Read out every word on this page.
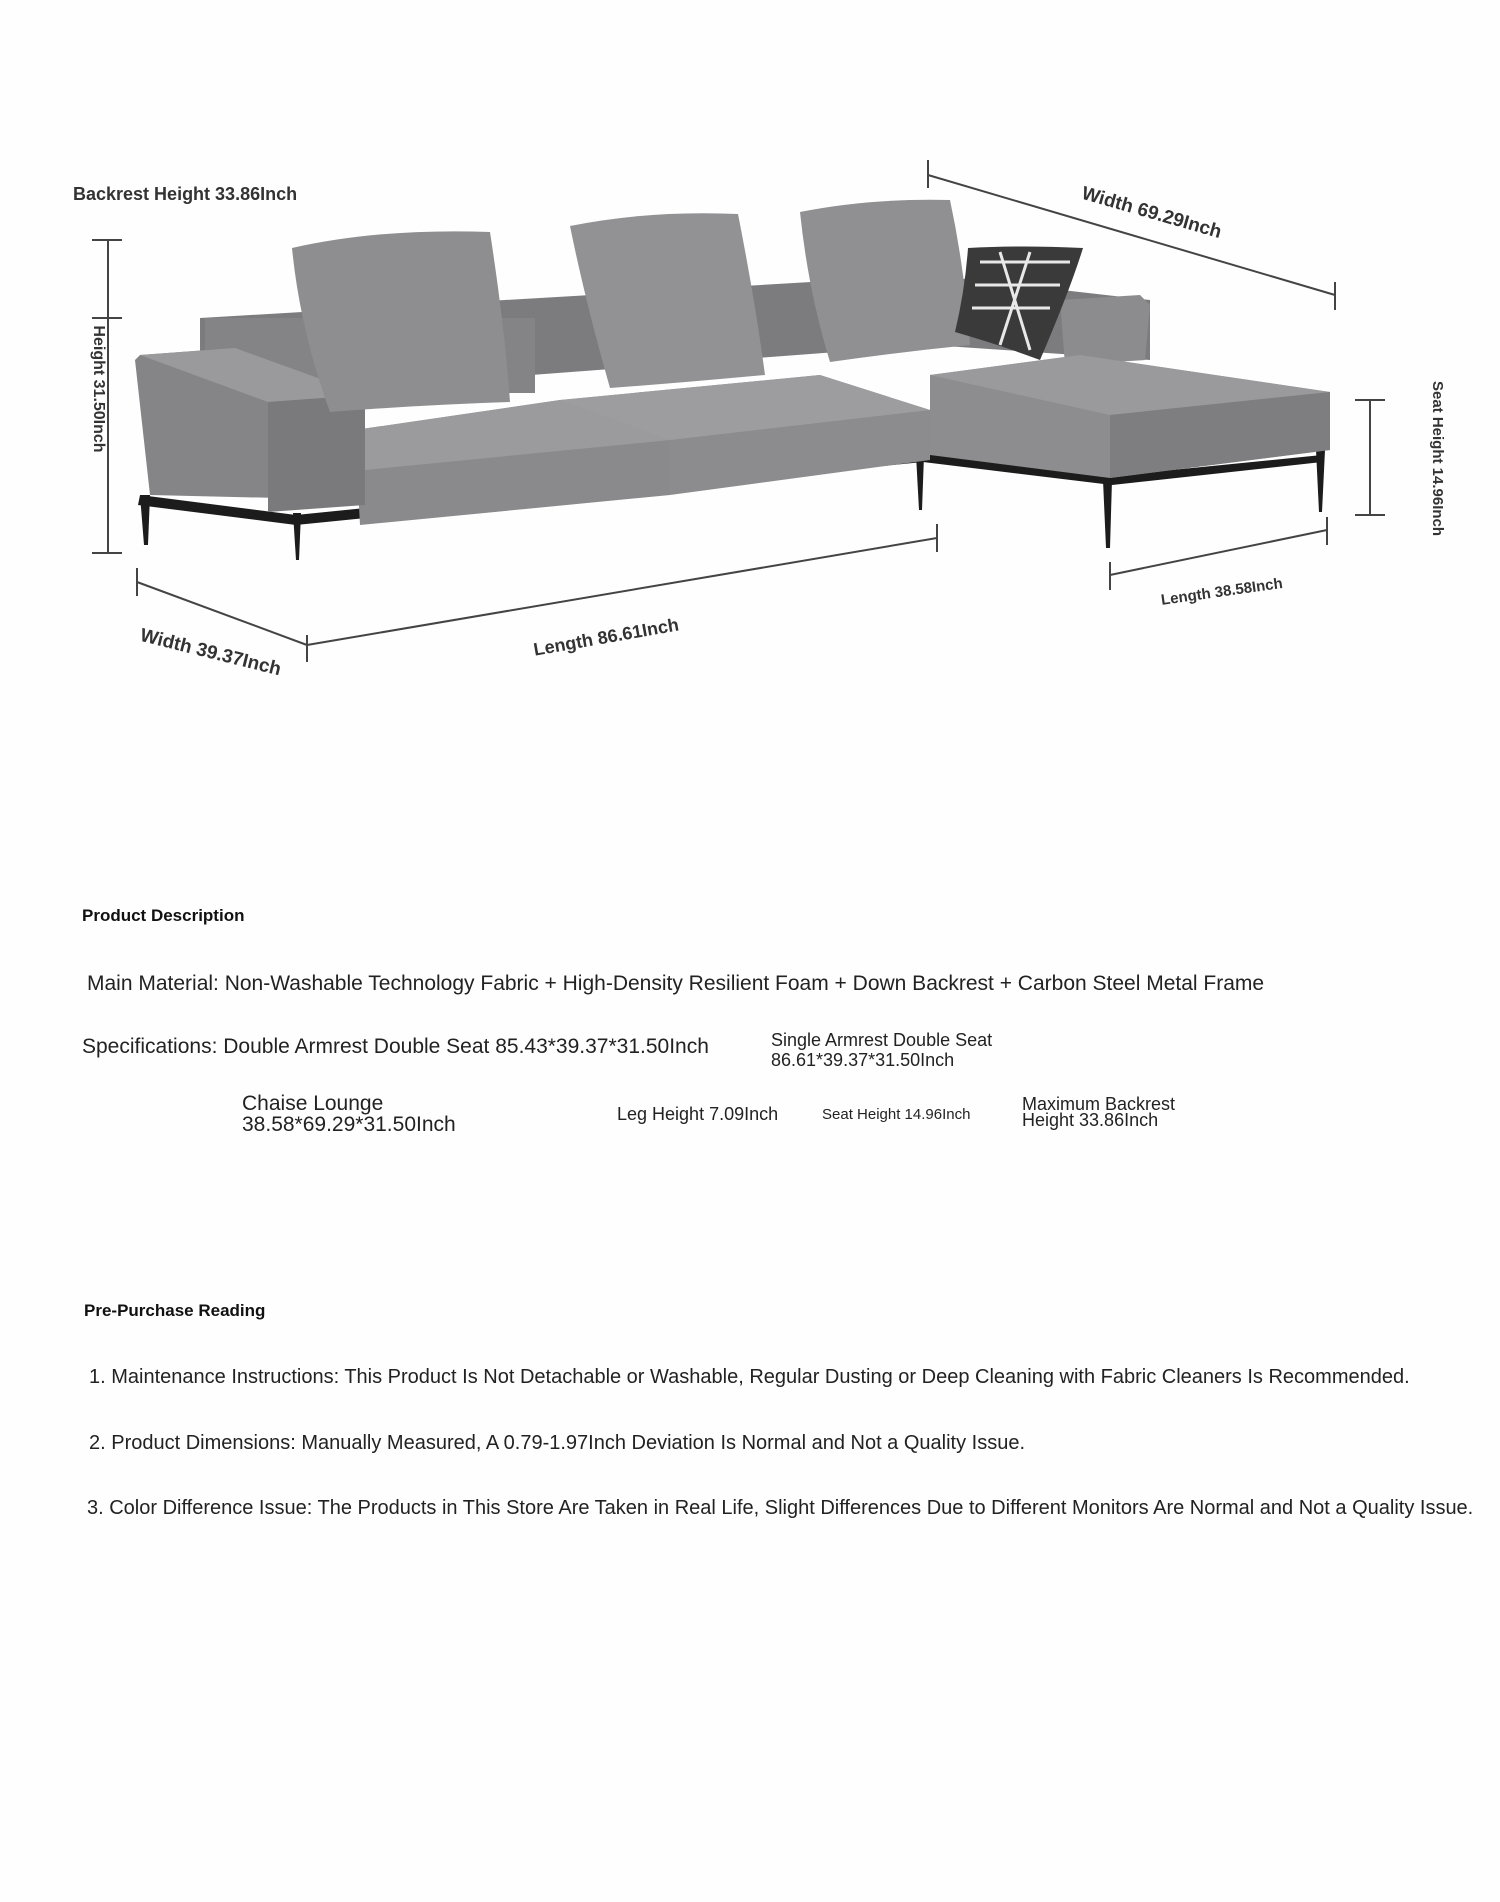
Backrest Height 33.86Inch
Height 31.50Inch
Width 69.29Inch
Seat Height 14.96Inch
Width 39.37Inch	Length 86.61Inch
Length 38.58Inch
Product Description
Main Material: Non-Washable Technology Fabric + High-Density Resilient Foam + Down Backrest + Carbon Steel Metal Frame
Specifications: Double Armrest Double Seat 85.43*39.37*31.50Inch	Single Armrest Double Seat
86.61*39.37*31.50Inch
Chaise Lounge
38.58*69.29*31.50Inch	Leg Height 7.09Inch	Seat Height 14.96Inch
Maximum Backrest
Height 33.86Inch
Pre-Purchase Reading
1. Maintenance Instructions: This Product Is Not Detachable or Washable, Regular Dusting or Deep Cleaning with Fabric Cleaners Is Recommended.
2. Product Dimensions: Manually Measured, A 0.79-1.97Inch Deviation Is Normal and Not a Quality Issue.
3. Color Difference Issue: The Products in This Store Are Taken in Real Life, Slight Differences Due to Different Monitors Are Normal and Not a Quality Issue.
